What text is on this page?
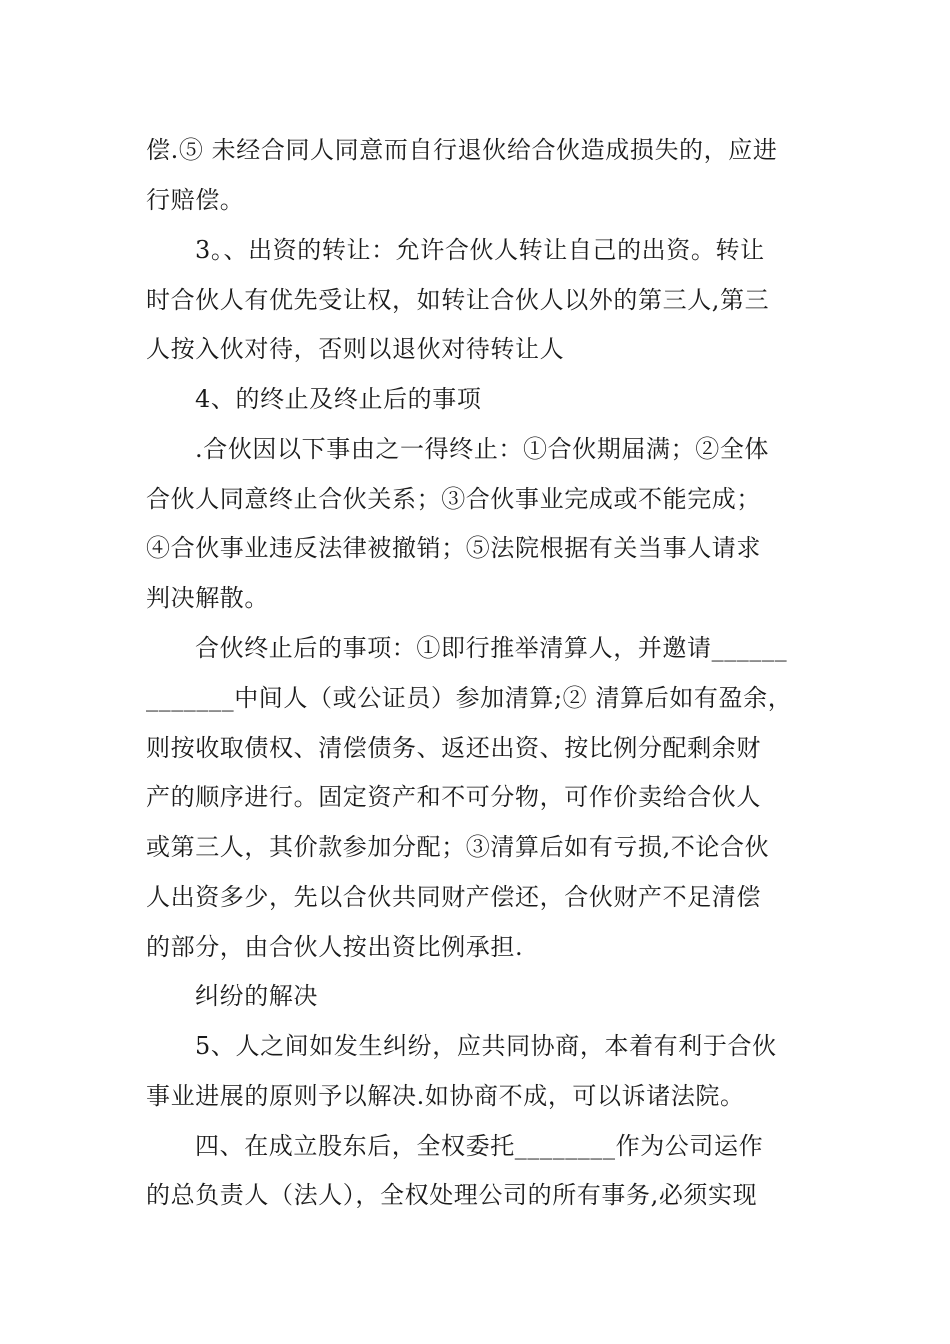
偿.⑤ 未经合同人同意而自行退伙给合伙造成损失的，应进
行赔偿。
3。、出资的转让：允许合伙人转让自己的出资。转让
时合伙人有优先受让权，如转让合伙人以外的第三人,第三
人按入伙对待，否则以退伙对待转让人
4、的终止及终止后的事项
.合伙因以下事由之一得终止：①合伙期届满；②全体
合伙人同意终止合伙关系；③合伙事业完成或不能完成；
④合伙事业违反法律被撤销；⑤法院根据有关当事人请求
判决解散。
合伙终止后的事项：①即行推举清算人，并邀请______
_______中间人（或公证员）参加清算;② 清算后如有盈余，
则按收取债权、清偿债务、返还出资、按比例分配剩余财
产的顺序进行。固定资产和不可分物，可作价卖给合伙人
或第三人，其价款参加分配；③清算后如有亏损,不论合伙
人出资多少，先以合伙共同财产偿还，合伙财产不足清偿
的部分，由合伙人按出资比例承担.
纠纷的解决
5、人之间如发生纠纷，应共同协商，本着有利于合伙
事业进展的原则予以解决.如协商不成，可以诉诸法院。
四、在成立股东后，全权委托________作为公司运作
的总负责人（法人），全权处理公司的所有事务,必须实现
